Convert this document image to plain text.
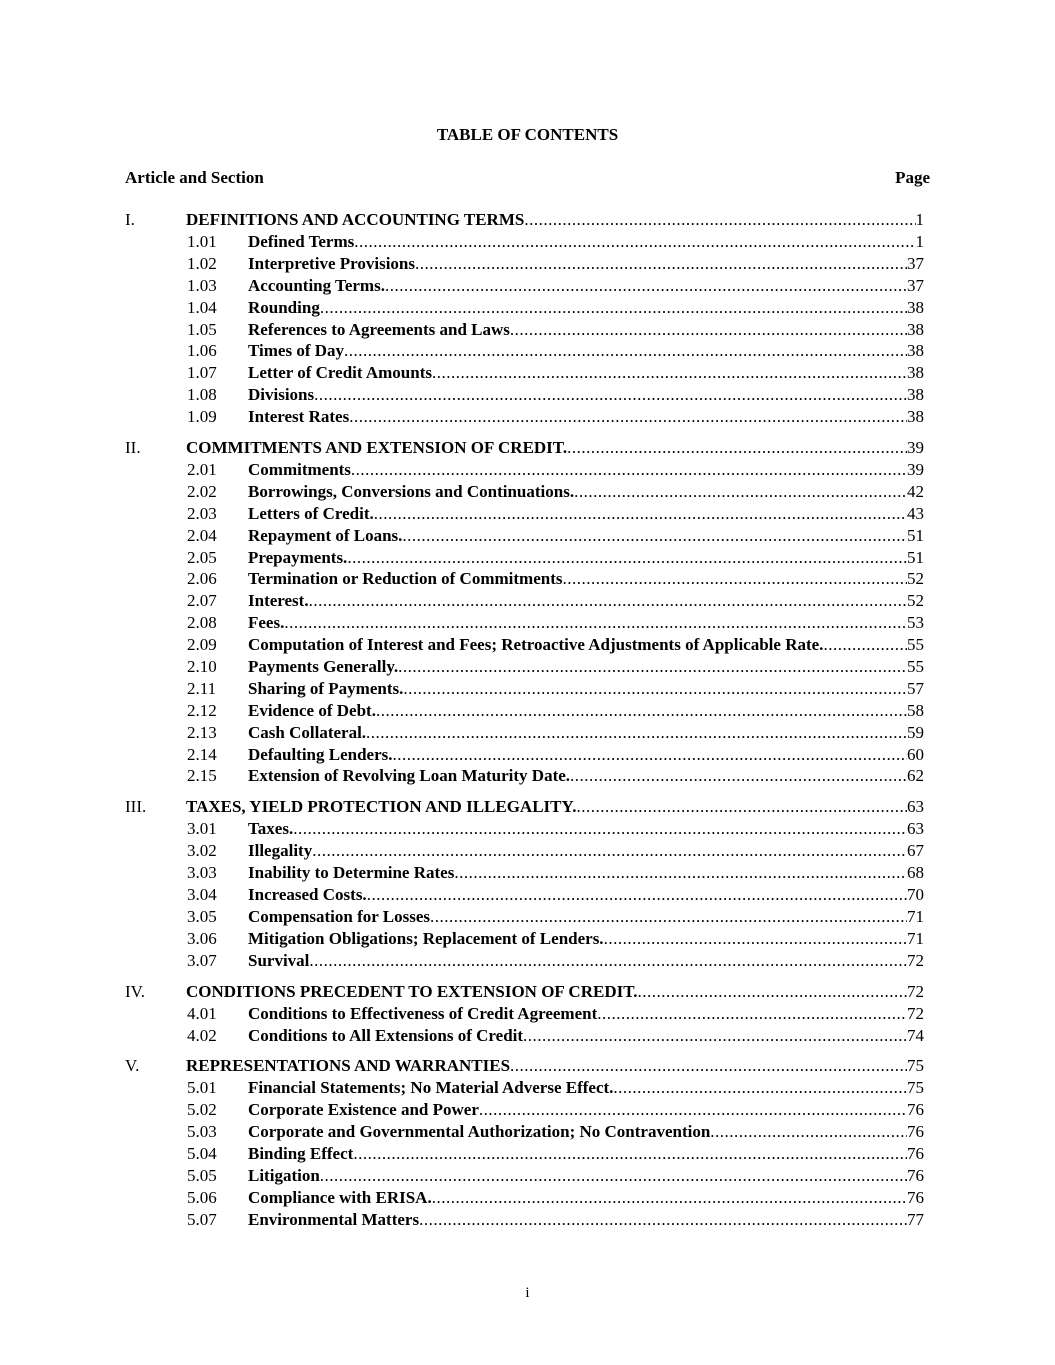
TABLE OF CONTENTS
Article and Section	Page
I.	DEFINITIONS AND ACCOUNTING TERMS .....	1
1.01	Defined Terms .....	1
1.02	Interpretive Provisions .....	37
1.03	Accounting Terms. .....	37
1.04	Rounding .....	38
1.05	References to Agreements and Laws .....	38
1.06	Times of Day .....	38
1.07	Letter of Credit Amounts .....	38
1.08	Divisions .....	38
1.09	Interest Rates .....	38
II.	COMMITMENTS AND EXTENSION OF CREDIT. .....	39
2.01	Commitments .....	39
2.02	Borrowings, Conversions and Continuations. .....	42
2.03	Letters of Credit. .....	43
2.04	Repayment of Loans. .....	51
2.05	Prepayments. .....	51
2.06	Termination or Reduction of Commitments .....	52
2.07	Interest. .....	52
2.08	Fees. .....	53
2.09	Computation of Interest and Fees; Retroactive Adjustments of Applicable Rate. .....	55
2.10	Payments Generally. .....	55
2.11	Sharing of Payments. .....	57
2.12	Evidence of Debt. .....	58
2.13	Cash Collateral. .....	59
2.14	Defaulting Lenders. .....	60
2.15	Extension of Revolving Loan Maturity Date. .....	62
III.	TAXES, YIELD PROTECTION AND ILLEGALITY. .....	63
3.01	Taxes. .....	63
3.02	Illegality .....	67
3.03	Inability to Determine Rates .....	68
3.04	Increased Costs. .....	70
3.05	Compensation for Losses .....	71
3.06	Mitigation Obligations; Replacement of Lenders. .....	71
3.07	Survival .....	72
IV.	CONDITIONS PRECEDENT TO EXTENSION OF CREDIT. .....	72
4.01	Conditions to Effectiveness of Credit Agreement .....	72
4.02	Conditions to All Extensions of Credit .....	74
V.	REPRESENTATIONS AND WARRANTIES .....	75
5.01	Financial Statements; No Material Adverse Effect. .....	75
5.02	Corporate Existence and Power .....	76
5.03	Corporate and Governmental Authorization; No Contravention .....	76
5.04	Binding Effect .....	76
5.05	Litigation .....	76
5.06	Compliance with ERISA. .....	76
5.07	Environmental Matters .....	77
i
